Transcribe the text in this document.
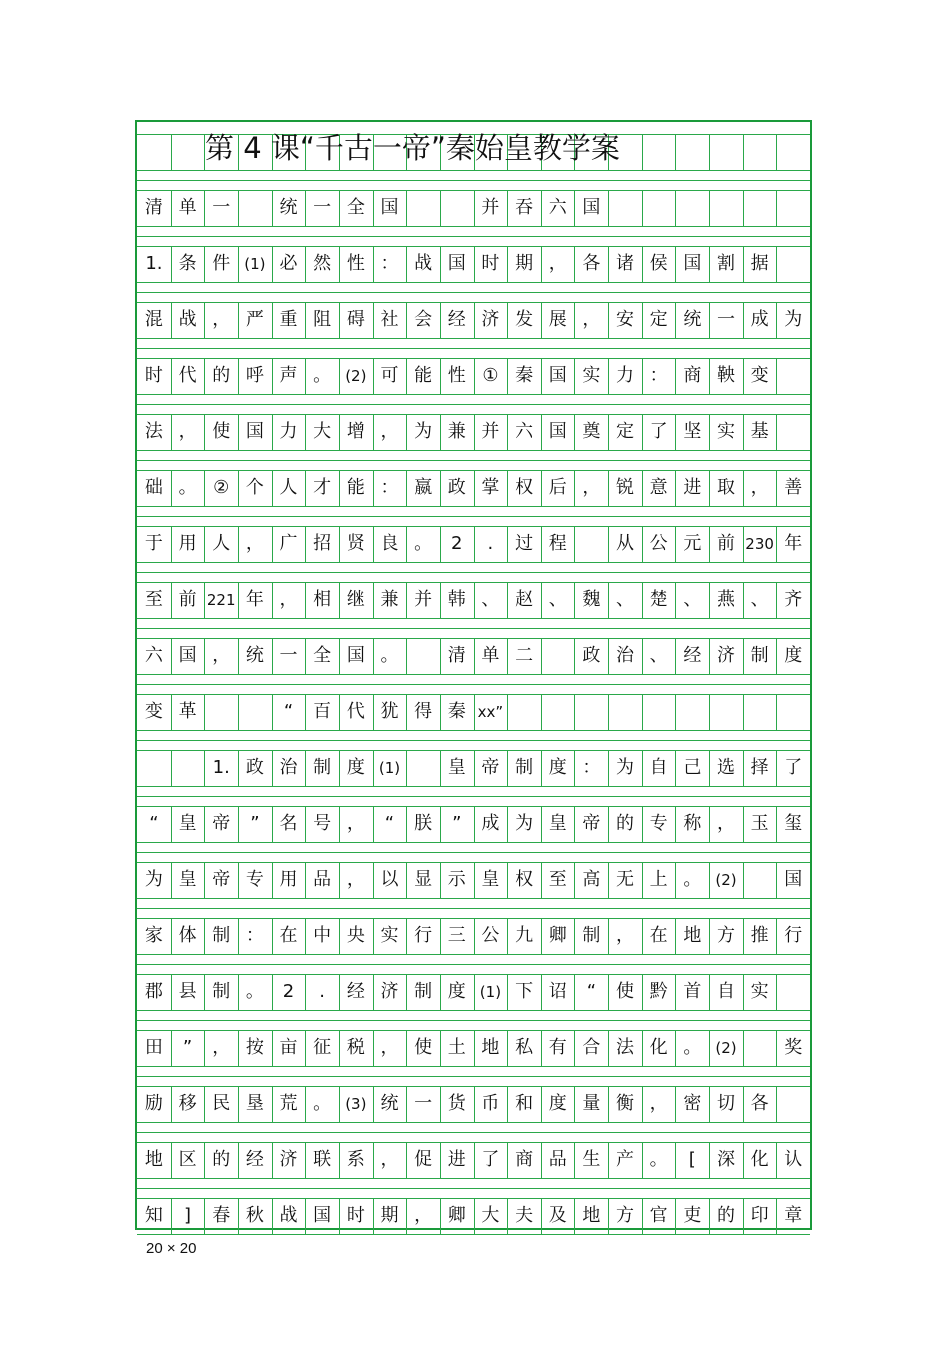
清 单 一	统 一 全 国	并 吞 六 国
1. 条 件 (1) 必 然 性 ： 战 国 时 期 ， 各 诸 侯 国 割 据
混 战 ， 严 重 阻 碍 社 会 经 济 发 展 ， 安 定 统 一 成 为
时 代 的 呼 声 。 (2) 可 能 性 ① 秦 国 实 力 ： 商 鞅 变
法 ， 使 国 力 大 增 ， 为 兼 并 六 国 奠 定 了 坚 实 基
础 。 ② 个 人 才 能 ： 嬴 政 掌 权 后 ， 锐 意 进 取 ， 善
于 用 人 ， 广 招 贤 良 。	2	.	过 程	从 公 元 前 230 年
至 前 221 年 ， 相 继 兼 并 韩 、 赵 、 魏 、 楚 、 燕 、 齐
六 国 ， 统 一 全 国 。	清 单 二	政 治 、 经 济 制 度
变 革	“	百 代 犹 得 秦 xx”
1. 政 治 制 度 (1)	皇 帝 制 度 ： 为 自 己 选 择 了
“	皇 帝	”	名 号 ，	“	朕	”	成 为 皇 帝 的 专 称 ， 玉 玺
为 皇 帝 专 用 品 ， 以 显 示 皇 权 至 高 无 上 。 (2)	国
家 体 制 ： 在 中 央 实 行 三 公 九 卿 制 ， 在 地 方 推 行
郡 县 制 。	2	.	经 济 制 度 (1) 下 诏	“	使 黔 首 自 实
田	”	， 按 亩 征 税 ， 使 土 地 私 有 合 法 化 。 (2)	奖
励 移 民 垦 荒 。 (3) 统 一 货 币 和 度 量 衡 ， 密 切 各
地 区 的 经 济 联 系 ， 促 进 了 商 品 生 产 。	[	深 化 认
知	]	春 秋 战 国 时 期 ， 卿 大 夫 及 地 方 官 吏 的 印 章
第 4 课“千古一帝”秦始皇教学案
20 × 20
